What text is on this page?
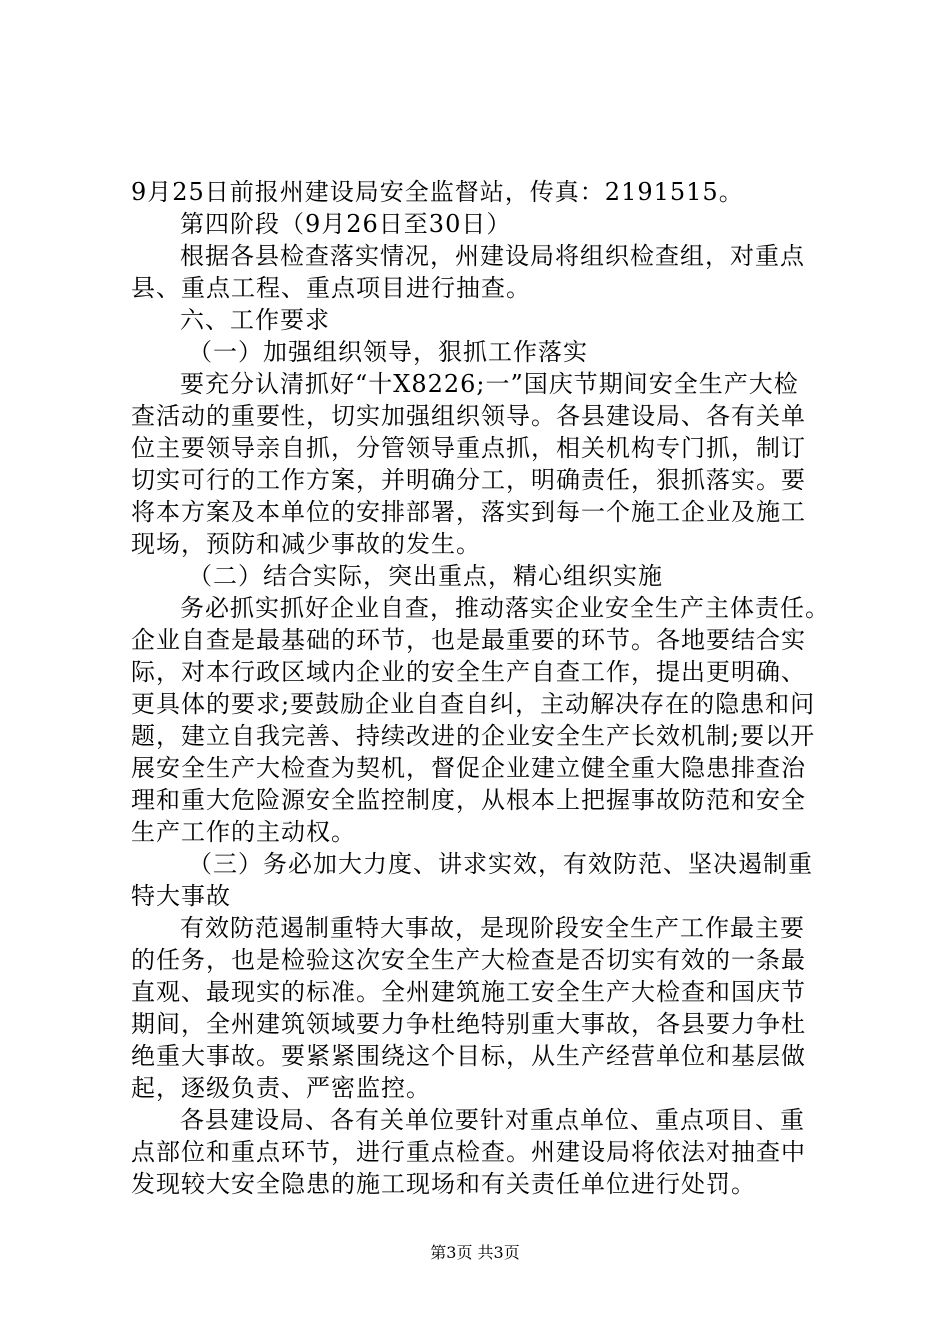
9月25日前报州建设局安全监督站，传真：2191515。
第四阶段（9月26日至30日）
根据各县检查落实情况，州建设局将组织检查组，对重点
县、重点工程、重点项目进行抽查。
六、工作要求
（一）加强组织领导，狠抓工作落实
要充分认清抓好“十X8226;一”国庆节期间安全生产大检
查活动的重要性，切实加强组织领导。各县建设局、各有关单
位主要领导亲自抓，分管领导重点抓，相关机构专门抓，制订
切实可行的工作方案，并明确分工，明确责任，狠抓落实。要
将本方案及本单位的安排部署，落实到每一个施工企业及施工
现场，预防和减少事故的发生。
（二）结合实际，突出重点，精心组织实施
务必抓实抓好企业自查，推动落实企业安全生产主体责任。
企业自查是最基础的环节，也是最重要的环节。各地要结合实
际，对本行政区域内企业的安全生产自查工作，提出更明确、
更具体的要求;要鼓励企业自查自纠，主动解决存在的隐患和问
题，建立自我完善、持续改进的企业安全生产长效机制;要以开
展安全生产大检查为契机，督促企业建立健全重大隐患排查治
理和重大危险源安全监控制度，从根本上把握事故防范和安全
生产工作的主动权。
（三）务必加大力度、讲求实效，有效防范、坚决遏制重
特大事故
有效防范遏制重特大事故，是现阶段安全生产工作最主要
的任务，也是检验这次安全生产大检查是否切实有效的一条最
直观、最现实的标准。全州建筑施工安全生产大检查和国庆节
期间，全州建筑领域要力争杜绝特别重大事故，各县要力争杜
绝重大事故。要紧紧围绕这个目标，从生产经营单位和基层做
起，逐级负责、严密监控。
各县建设局、各有关单位要针对重点单位、重点项目、重
点部位和重点环节，进行重点检查。州建设局将依法对抽查中
发现较大安全隐患的施工现场和有关责任单位进行处罚。
第3页 共3页
